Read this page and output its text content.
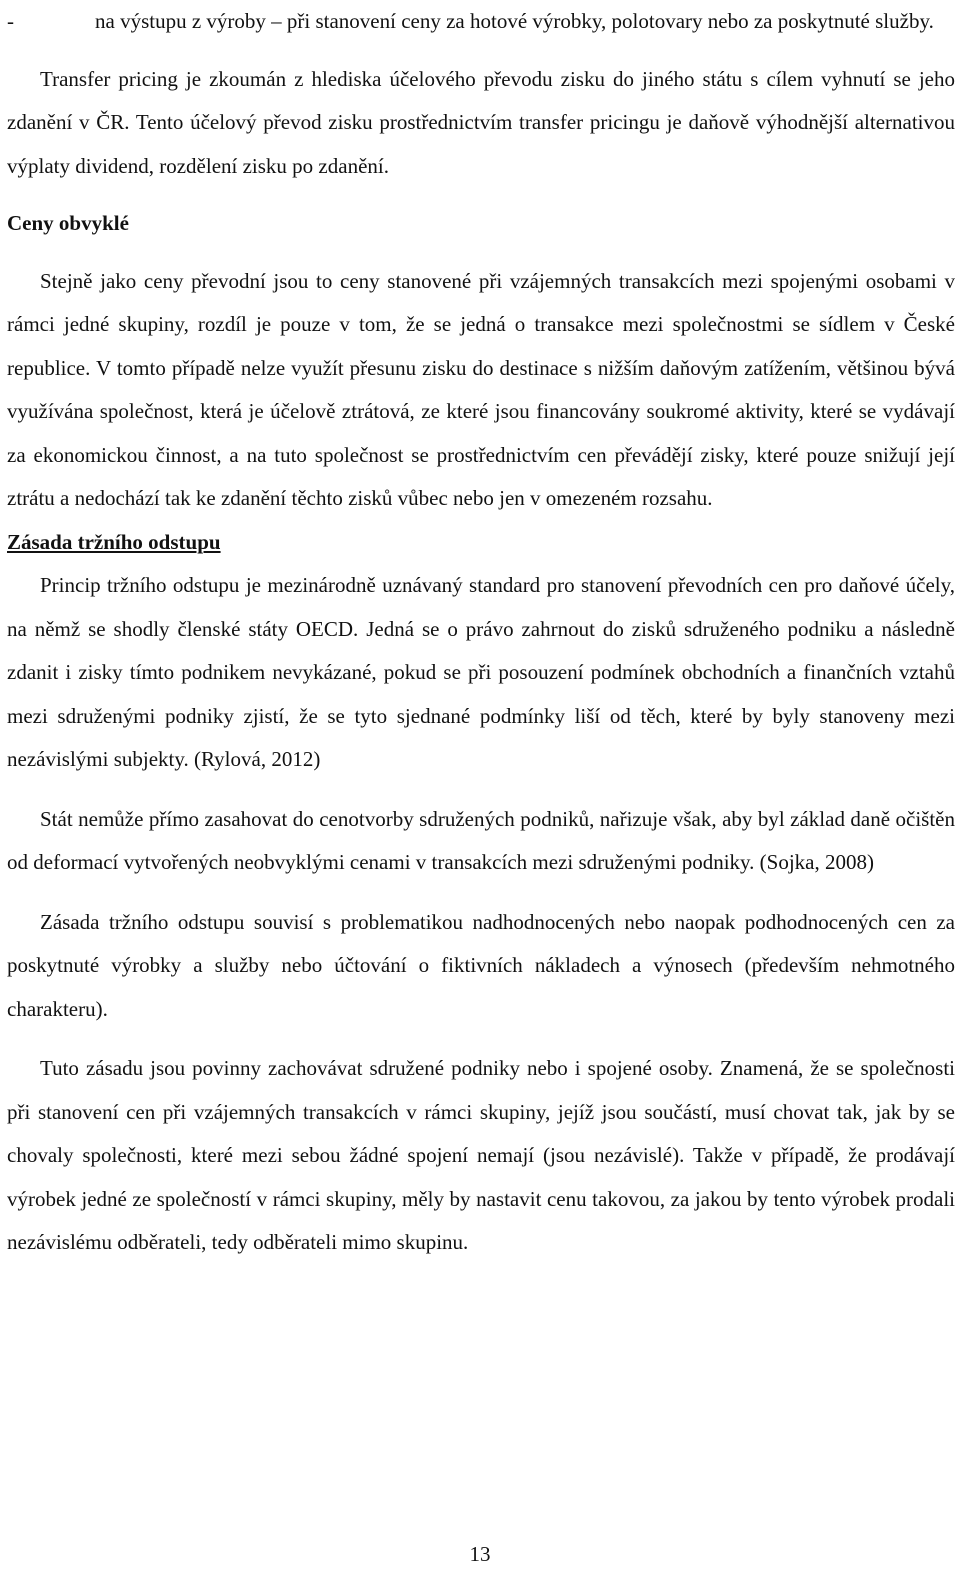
-	na výstupu z výroby – při stanovení ceny za hotové výrobky, polotovary nebo za poskytnuté služby.

Transfer pricing je zkoumán z hlediska účelového převodu zisku do jiného státu s cílem vyhnutí se jeho zdanění v ČR. Tento účelový převod zisku prostřednictvím transfer pricingu je daňově výhodnější alternativou výplaty dividend, rozdělení zisku po zdanění.

Ceny obvyklé

Stejně jako ceny převodní jsou to ceny stanovené při vzájemných transakcích mezi spojenými osobami v rámci jedné skupiny, rozdíl je pouze v tom, že se jedná o transakce mezi společnostmi se sídlem v České republice. V tomto případě nelze využít přesunu zisku do destinace s nižším daňovým zatížením, většinou bývá využívána společnost, která je účelově ztrátová, ze které jsou financovány soukromé aktivity, které se vydávají za ekonomickou činnost, a na tuto společnost se prostřednictvím cen převádějí zisky, které pouze snižují její ztrátu a nedochází tak ke zdanění těchto zisků vůbec nebo jen v omezeném rozsahu.

Zásada tržního odstupu

Princip tržního odstupu je mezinárodně uznávaný standard pro stanovení převodních cen pro daňové účely, na němž se shodly členské státy OECD. Jedná se o právo zahrnout do zisků sdruženého podniku a následně zdanit i zisky tímto podnikem nevykázané, pokud se při posouzení podmínek obchodních a finančních vztahů mezi sdruženými podniky zjistí, že se tyto sjednané podmínky liší od těch, které by byly stanoveny mezi nezávislými subjekty. (Rylová, 2012)

Stát nemůže přímo zasahovat do cenotvorby sdružených podniků, nařizuje však, aby byl základ daně očištěn od deformací vytvořených neobvyklými cenami v transakcích mezi sdruženými podniky. (Sojka, 2008)

Zásada tržního odstupu souvisí s problematikou nadhodnocených nebo naopak podhodnocených cen za poskytnuté výrobky a služby nebo účtování o fiktivních nákladech a výnosech (především nehmotného charakteru).

Tuto zásadu jsou povinny zachovávat sdružené podniky nebo i spojené osoby. Znamená, že se společnosti při stanovení cen při vzájemných transakcích v rámci skupiny, jejíž jsou součástí, musí chovat tak, jak by se chovaly společnosti, které mezi sebou žádné spojení nemají (jsou nezávislé). Takže v případě, že prodávají výrobek jedné ze společností v rámci skupiny, měly by nastavit cenu takovou, za jakou by tento výrobek prodali nezávislému odběrateli, tedy odběrateli mimo skupinu.

13
